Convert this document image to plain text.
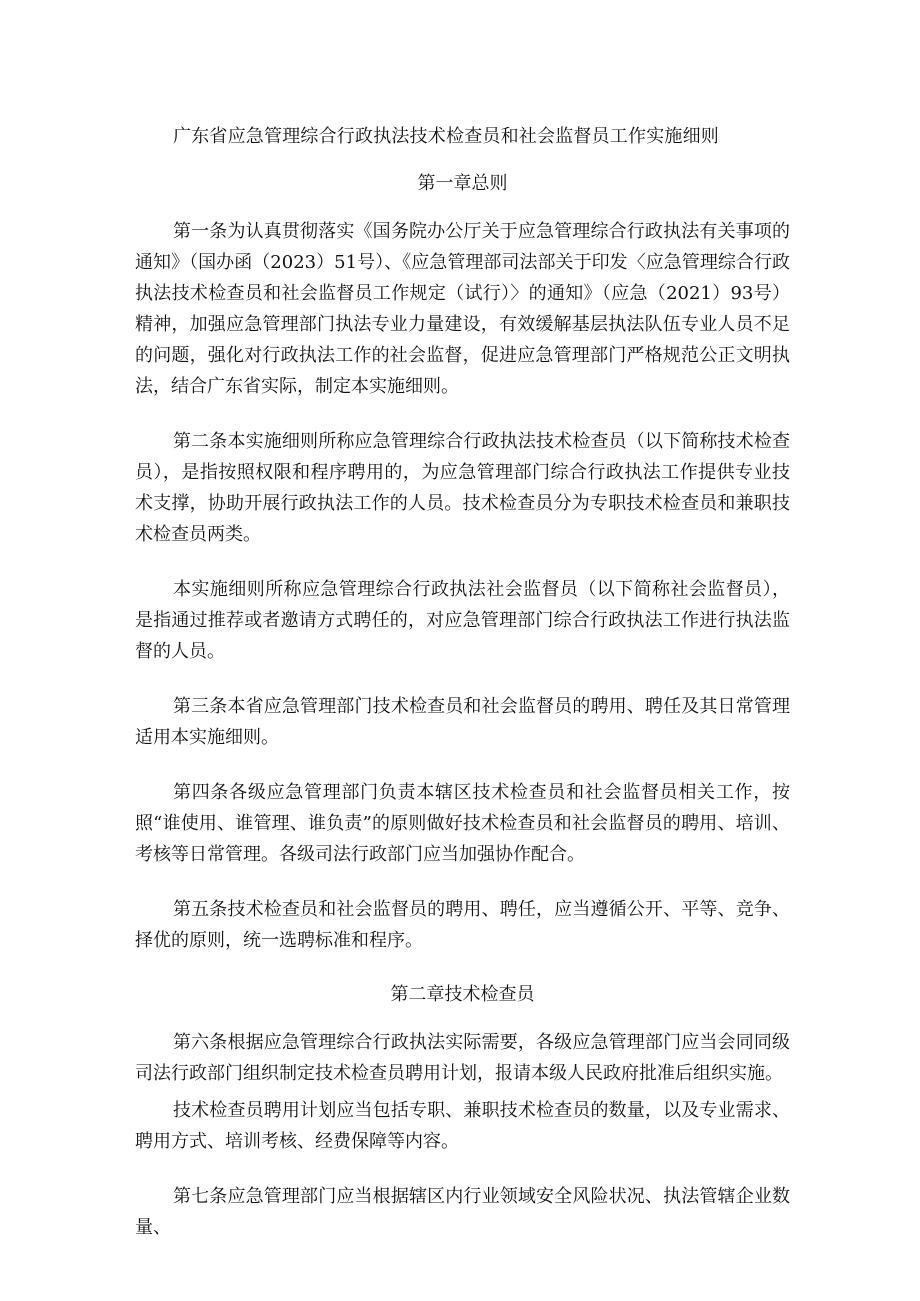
广东省应急管理综合行政执法技术检查员和社会监督员工作实施细则
第一章总则

第一条为认真贯彻落实《国务院办公厅关于应急管理综合行政执法有关事项的通知》（国办函（2023）51号）、《应急管理部司法部关于印发〈应急管理综合行政执法技术检查员和社会监督员工作规定（试行）〉的通知》（应急（2021）93号）精神，加强应急管理部门执法专业力量建设，有效缓解基层执法队伍专业人员不足的问题，强化对行政执法工作的社会监督，促进应急管理部门严格规范公正文明执法，结合广东省实际，制定本实施细则。

第二条本实施细则所称应急管理综合行政执法技术检查员（以下简称技术检查员），是指按照权限和程序聘用的，为应急管理部门综合行政执法工作提供专业技术支撑，协助开展行政执法工作的人员。技术检查员分为专职技术检查员和兼职技术检查员两类。

本实施细则所称应急管理综合行政执法社会监督员（以下简称社会监督员），是指通过推荐或者邀请方式聘任的，对应急管理部门综合行政执法工作进行执法监督的人员。

第三条本省应急管理部门技术检查员和社会监督员的聘用、聘任及其日常管理适用本实施细则。

第四条各级应急管理部门负责本辖区技术检查员和社会监督员相关工作，按照“谁使用、谁管理、谁负责”的原则做好技术检查员和社会监督员的聘用、培训、考核等日常管理。各级司法行政部门应当加强协作配合。

第五条技术检查员和社会监督员的聘用、聘任，应当遵循公开、平等、竞争、择优的原则，统一选聘标准和程序。

第二章技术检查员

第六条根据应急管理综合行政执法实际需要，各级应急管理部门应当会同同级司法行政部门组织制定技术检查员聘用计划，报请本级人民政府批准后组织实施。

技术检查员聘用计划应当包括专职、兼职技术检查员的数量，以及专业需求、聘用方式、培训考核、经费保障等内容。

第七条应急管理部门应当根据辖区内行业领域安全风险状况、执法管辖企业数量、
